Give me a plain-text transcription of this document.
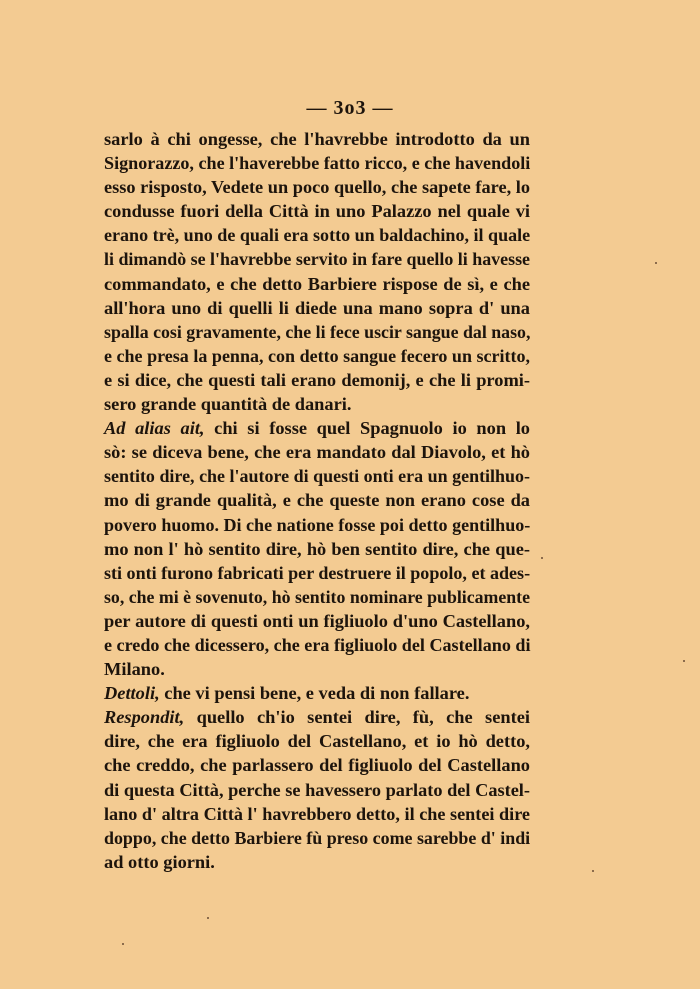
— 3o3 —
sarlo à chi ongesse, che l'havrebbe introdotto da un
Signorazzo, che l'haverebbe fatto ricco, e che havendoli
esso risposto, Vedete un poco quello, che sapete fare, lo
condusse fuori della Città in uno Palazzo nel quale vi
erano trè, uno de quali era sotto un baldachino, il quale
li dimandò se l'havrebbe servito in fare quello li havesse
commandato, e che detto Barbiere rispose de sì, e che
all'hora uno di quelli li diede una mano sopra d' una
spalla cosi gravamente, che li fece uscir sangue dal naso,
e che presa la penna, con detto sangue fecero un scritto,
e si dice, che questi tali erano demonij, e che li promi-
sero grande quantità de danari.
Ad alias ait, chi si fosse quel Spagnuolo io non lo
sò: se diceva bene, che era mandato dal Diavolo, et hò
sentito dire, che l'autore di questi onti era un gentilhuo-
mo di grande qualità, e che queste non erano cose da
povero huomo. Di che natione fosse poi detto gentilhuo-
mo non l' hò sentito dire, hò ben sentito dire, che que-
sti onti furono fabricati per destruere il popolo, et ades-
so, che mi è sovenuto, hò sentito nominare publicamente
per autore di questi onti un figliuolo d'uno Castellano,
e credo che dicessero, che era figliuolo del Castellano di
Milano.
Dettoli, che vi pensi bene, e veda di non fallare.
Respondit, quello ch'io sentei dire, fù, che sentei
dire, che era figliuolo del Castellano, et io hò detto,
che creddo, che parlassero del figliuolo del Castellano
di questa Città, perche se havessero parlato del Castel-
lano d' altra Città l' havrebbero detto, il che sentei dire
doppo, che detto Barbiere fù preso come sarebbe d' indi
ad otto giorni.
